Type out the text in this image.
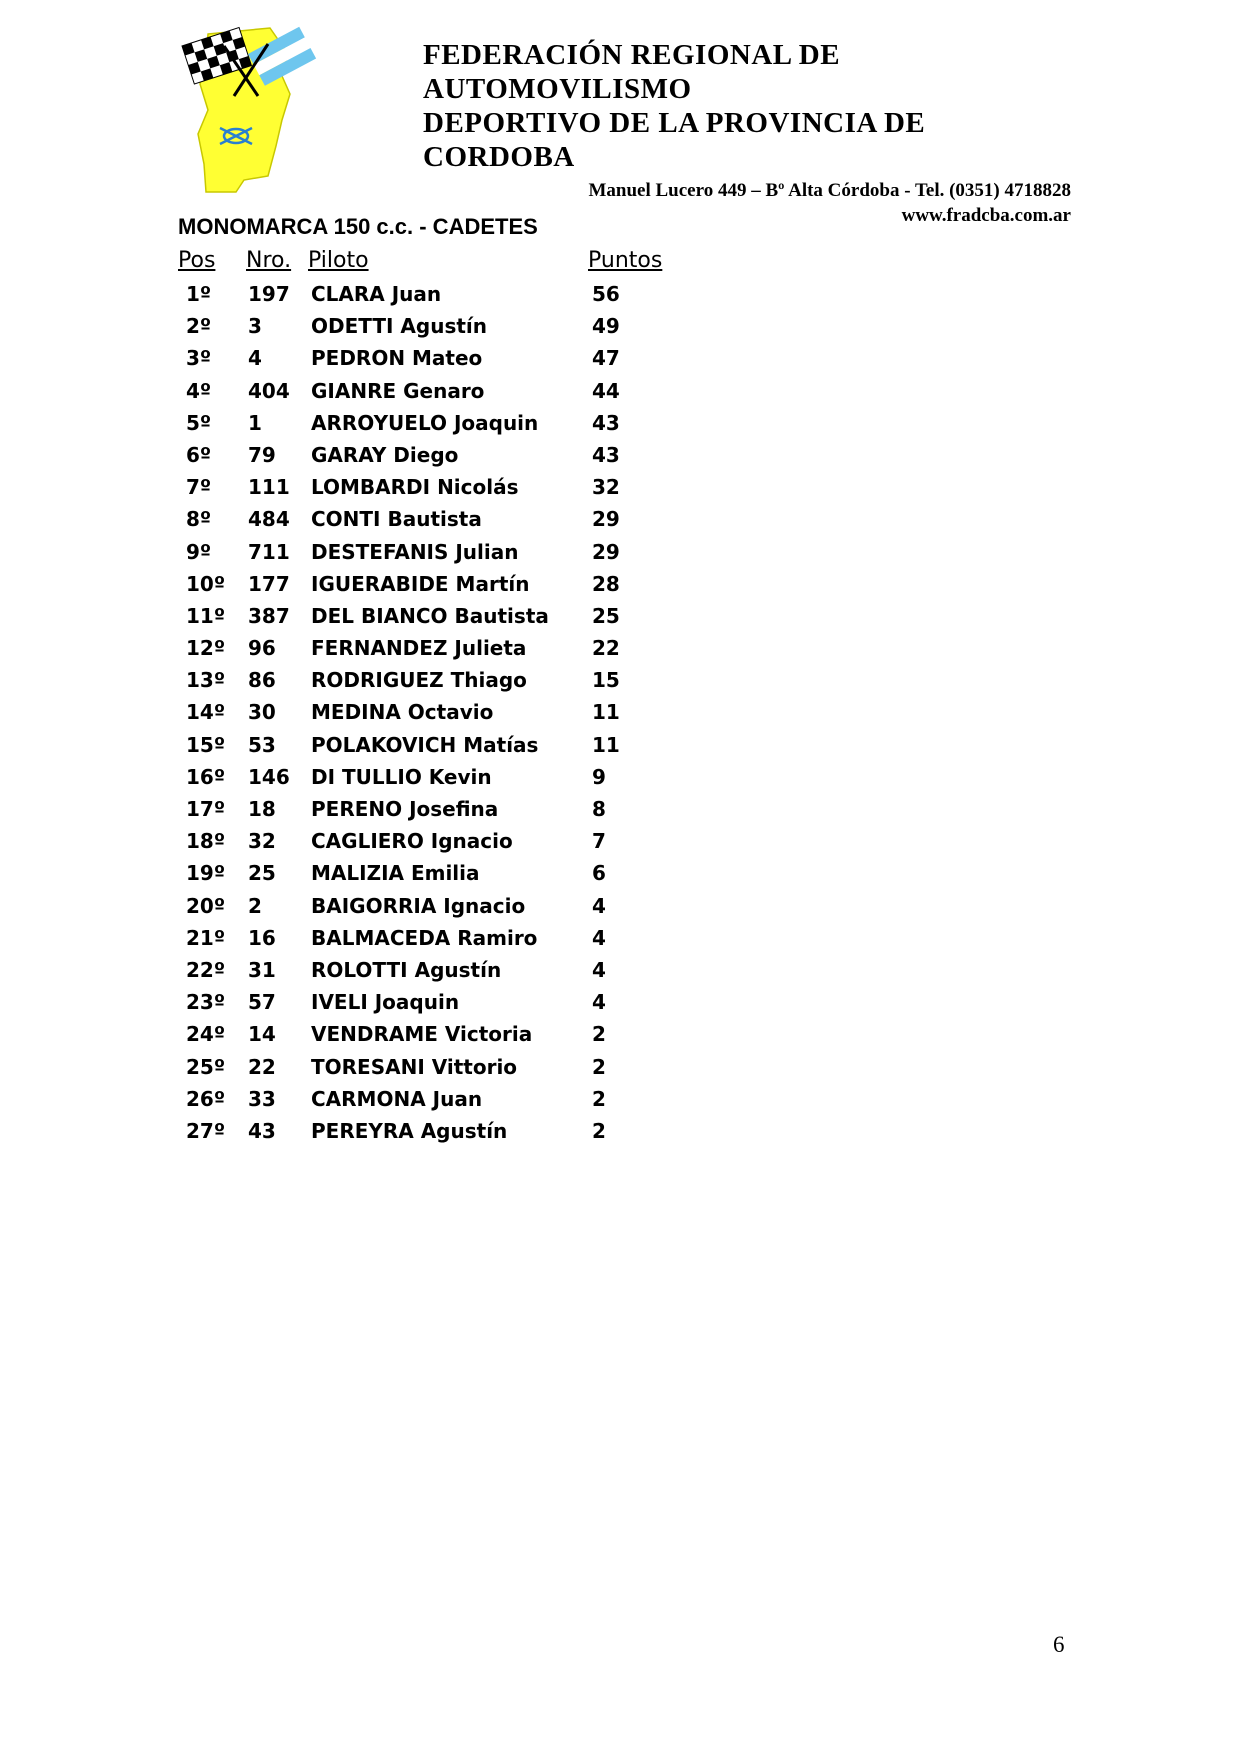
FEDERACIÓN REGIONAL DE AUTOMOVILISMO
DEPORTIVO DE LA PROVINCIA DE CORDOBA
Manuel Lucero 449 – Bº Alta Córdoba - Tel. (0351) 4718828
www.fradcba.com.ar
MONOMARCA 150 c.c. - CADETES
Pos Nro. Piloto	Puntos
1º 197 CLARA Juan	56
2º 3 ODETTI Agustín	49
3º 4 PEDRON Mateo	47
4º 404 GIANRE Genaro	44
5º 1 ARROYUELO Joaquin	43
6º 79 GARAY Diego	43
7º 111 LOMBARDI Nicolás	32
8º 484 CONTI Bautista	29
9º 711 DESTEFANIS Julian	29
10º 177 IGUERABIDE Martín	28
11º 387 DEL BIANCO Bautista 25
12º 96 FERNANDEZ Julieta	22
13º 86 RODRIGUEZ Thiago	15
14º 30 MEDINA Octavio	11
15º 53 POLAKOVICH Matías	11
16º 146 DI TULLIO Kevin	9
17º 18 PERENO Josefina	8
18º 32 CAGLIERO Ignacio	7
19º 25 MALIZIA Emilia	6
20º 2 BAIGORRIA Ignacio	4
21º 16 BALMACEDA Ramiro	4
22º 31 ROLOTTI Agustín	4
23º 57 IVELI Joaquin	4
24º 14 VENDRAME Victoria	2
25º 22 TORESANI Vittorio	2
26º 33 CARMONA Juan	2
27º 43 PEREYRA Agustín	2
6
